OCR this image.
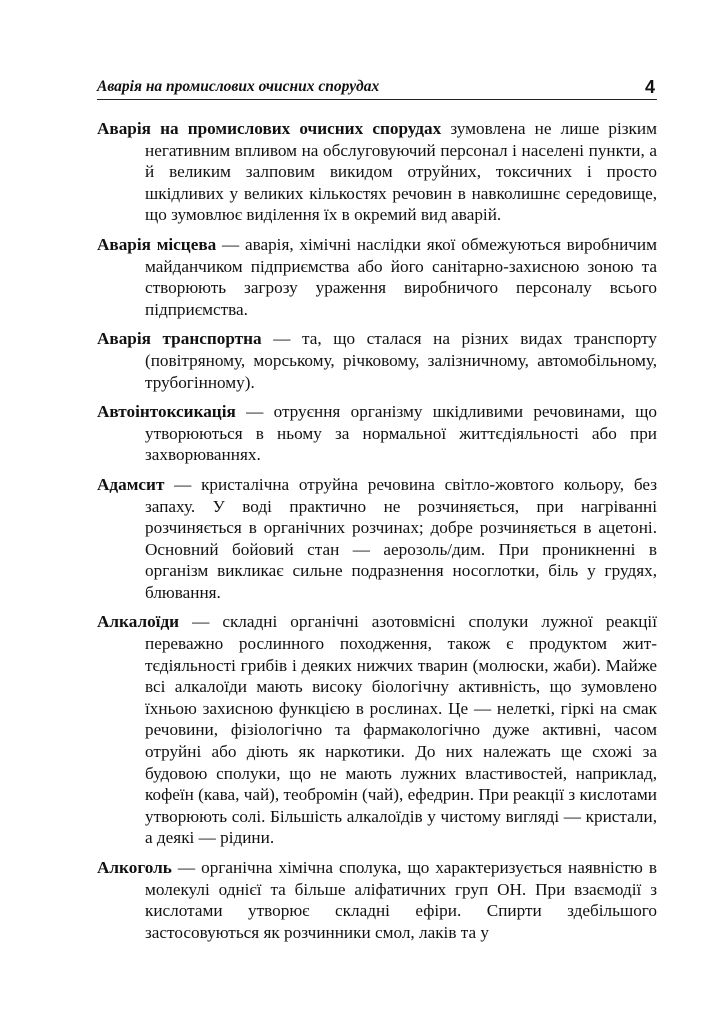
Аварія на промислових очисних спорудах	4

Аварія на промислових очисних спорудах зумовлена не лише різким негативним впливом на обслуговуючий персонал і населені пункти, а й великим залповим викидом отруйних, токсичних і просто шкідливих у великих кількостях речовин в навколишнє середовище, що зумовлює виділення їх в окремий вид аварій.

Аварія місцева — аварія, хімічні наслідки якої обмежуються виробничим майданчиком підприємства або його санітарно-захисною зоною та створюють загрозу ураження виробничого персоналу всього підприємства.

Аварія транспортна — та, що сталася на різних видах транспорту (повітряному, морському, річковому, залізничному, автомобільному, трубогінному).

Автоінтоксикація — отруєння організму шкідливими речовинами, що утворюються в ньому за нормальної життєдіяльності або при захворюваннях.

Адамсит — кристалічна отруйна речовина світло-жовтого кольору, без запаху. У воді практично не розчиняється, при нагріванні розчиняється в органічних розчинах; добре розчиняється в ацетоні. Основний бойовий стан — аерозоль/дим. При проникненні в організм викликає сильне подразнення носоглотки, біль у грудях, блювання.

Алкалоїди — складні органічні азотовмісні сполуки лужної реакції переважно рослинного походження, також є продуктом життєдіяльності грибів і деяких нижчих тварин (молюски, жаби). Майже всі алкалоїди мають високу біологічну активність, що зумовлено їхньою захисною функцією в рослинах. Це — нелеткі, гіркі на смак речовини, фізіологічно та фармакологічно дуже активні, часом отруйні або діють як наркотики. До них належать ще схожі за будовою сполуки, що не мають лужних властивостей, наприклад, кофеїн (кава, чай), теобромін (чай), ефедрин. При реакції з кислотами утворюють солі. Більшість алкалоїдів у чистому вигляді — кристали, а деякі — рідини.

Алкоголь — органічна хімічна сполука, що характеризується наявністю в молекулі однієї та більше аліфатичних груп ОН. При взаємодії з кислотами утворює складні ефіри. Спирти здебільшого застосовуються як розчинники смол, лаків та у
